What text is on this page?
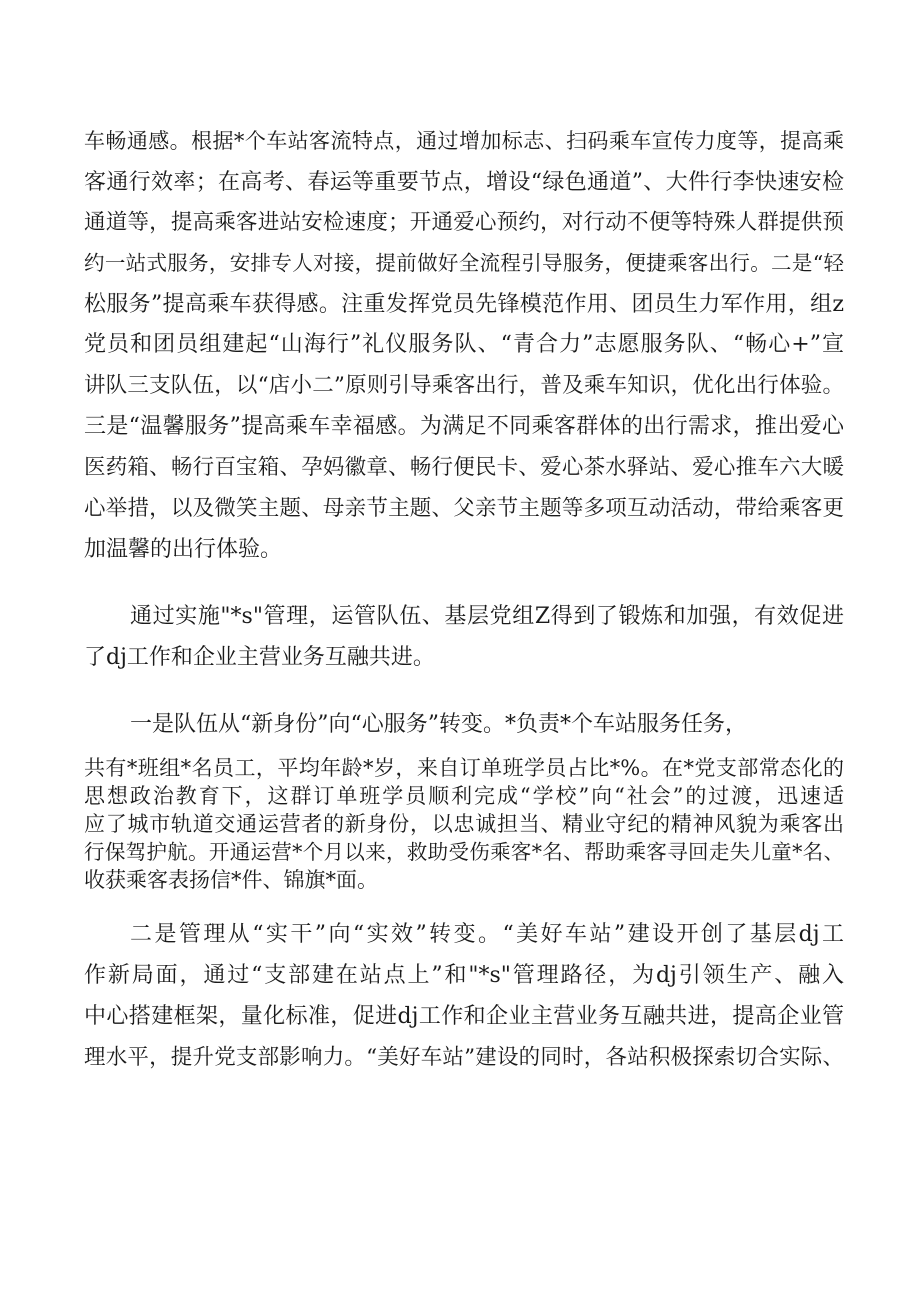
车畅通感。根据*个车站客流特点，通过增加标志、扫码乘车宣传力度等，提高乘
客通行效率；在高考、春运等重要节点，增设“绿色通道”、大件行李快速安检
通道等，提高乘客进站安检速度；开通爱心预约，对行动不便等特殊人群提供预
约一站式服务，安排专人对接，提前做好全流程引导服务，便捷乘客出行。二是“轻
松服务”提高乘车获得感。注重发挥党员先锋模范作用、团员生力军作用，组z
党员和团员组建起“山海行”礼仪服务队、“青合力”志愿服务队、“畅心+”宣
讲队三支队伍，以“店小二”原则引导乘客出行，普及乘车知识，优化出行体验。
三是“温馨服务”提高乘车幸福感。为满足不同乘客群体的出行需求，推出爱心
医药箱、畅行百宝箱、孕妈徽章、畅行便民卡、爱心茶水驿站、爱心推车六大暖
心举措，以及微笑主题、母亲节主题、父亲节主题等多项互动活动，带给乘客更
加温馨的出行体验。
通过实施"*s"管理，运管队伍、基层党组Z得到了锻炼和加强，有效促进
了dj工作和企业主营业务互融共进。
一是队伍从“新身份”向“心服务”转变。*负责*个车站服务任务，
共有*班组*名员工，平均年龄*岁，来自订单班学员占比*%。在*党支部常态化的
思想政治教育下，这群订单班学员顺利完成“学校”向“社会”的过渡，迅速适
应了城市轨道交通运营者的新身份，以忠诚担当、精业守纪的精神风貌为乘客出
行保驾护航。开通运营*个月以来，救助受伤乘客*名、帮助乘客寻回走失儿童*名、
收获乘客表扬信*件、锦旗*面。
二是管理从“实干”向“实效”转变。“美好车站”建设开创了基层dj工
作新局面，通过“支部建在站点上”和"*s"管理路径，为dj引领生产、融入
中心搭建框架，量化标准，促进dj工作和企业主营业务互融共进，提高企业管
理水平，提升党支部影响力。“美好车站”建设的同时，各站积极探索切合实际、
